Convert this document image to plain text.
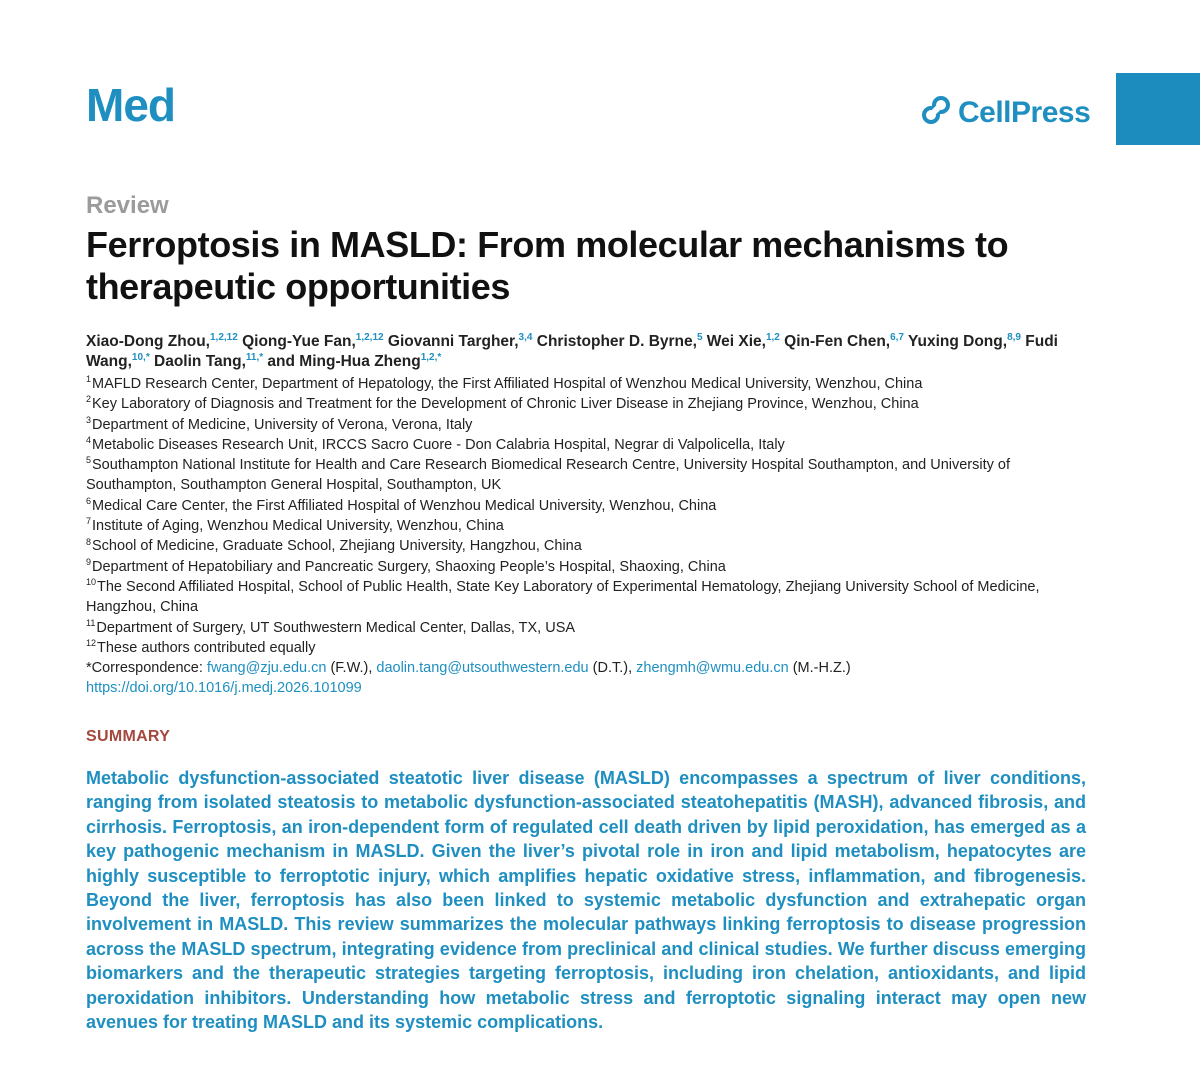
Med	CellPress
Review
Ferroptosis in MASLD: From molecular mechanisms to therapeutic opportunities
Xiao-Dong Zhou,$^{1,2,12}$ Qiong-Yue Fan,$^{1,2,12}$ Giovanni Targher,$^{3,4}$ Christopher D. Byrne,$^5$ Wei Xie,$^{1,2}$ Qin-Fen Chen,$^{6,7}$ Yuxing Dong,$^{8,9}$ Fudi Wang,$^{10,*}$ Daolin Tang,$^{11,*}$ and Ming-Hua Zheng$^{1,2,*}$
$^1$MAFLD Research Center, Department of Hepatology, the First Affiliated Hospital of Wenzhou Medical University, Wenzhou, China
$^2$Key Laboratory of Diagnosis and Treatment for the Development of Chronic Liver Disease in Zhejiang Province, Wenzhou, China
$^3$Department of Medicine, University of Verona, Verona, Italy
$^4$Metabolic Diseases Research Unit, IRCCS Sacro Cuore - Don Calabria Hospital, Negrar di Valpolicella, Italy
$^5$Southampton National Institute for Health and Care Research Biomedical Research Centre, University Hospital Southampton, and University of Southampton, Southampton General Hospital, Southampton, UK
$^6$Medical Care Center, the First Affiliated Hospital of Wenzhou Medical University, Wenzhou, China
$^7$Institute of Aging, Wenzhou Medical University, Wenzhou, China
$^8$School of Medicine, Graduate School, Zhejiang University, Hangzhou, China
$^9$Department of Hepatobiliary and Pancreatic Surgery, Shaoxing People’s Hospital, Shaoxing, China
$^{10}$The Second Affiliated Hospital, School of Public Health, State Key Laboratory of Experimental Hematology, Zhejiang University School of Medicine, Hangzhou, China
$^{11}$Department of Surgery, UT Southwestern Medical Center, Dallas, TX, USA
$^{12}$These authors contributed equally
*Correspondence: fwang@zju.edu.cn (F.W.), daolin.tang@utsouthwestern.edu (D.T.), zhengmh@wmu.edu.cn (M.-H.Z.)
https://doi.org/10.1016/j.medj.2026.101099
SUMMARY

Metabolic dysfunction-associated steatotic liver disease (MASLD) encompasses a spectrum of liver conditions, ranging from isolated steatosis to metabolic dysfunction-associated steatohepatitis (MASH), advanced fibrosis, and cirrhosis. Ferroptosis, an iron-dependent form of regulated cell death driven by lipid peroxidation, has emerged as a key pathogenic mechanism in MASLD. Given the liver’s pivotal role in iron and lipid metabolism, hepatocytes are highly susceptible to ferroptotic injury, which amplifies hepatic oxidative stress, inflammation, and fibrogenesis. Beyond the liver, ferroptosis has also been linked to systemic metabolic dysfunction and extrahepatic organ involvement in MASLD. This review summarizes the molecular pathways linking ferroptosis to disease progression across the MASLD spectrum, integrating evidence from preclinical and clinical studies. We further discuss emerging biomarkers and the therapeutic strategies targeting ferroptosis, including iron chelation, antioxidants, and lipid peroxidation inhibitors. Understanding how metabolic stress and ferroptotic signaling interact may open new avenues for treating MASLD and its systemic complications.
